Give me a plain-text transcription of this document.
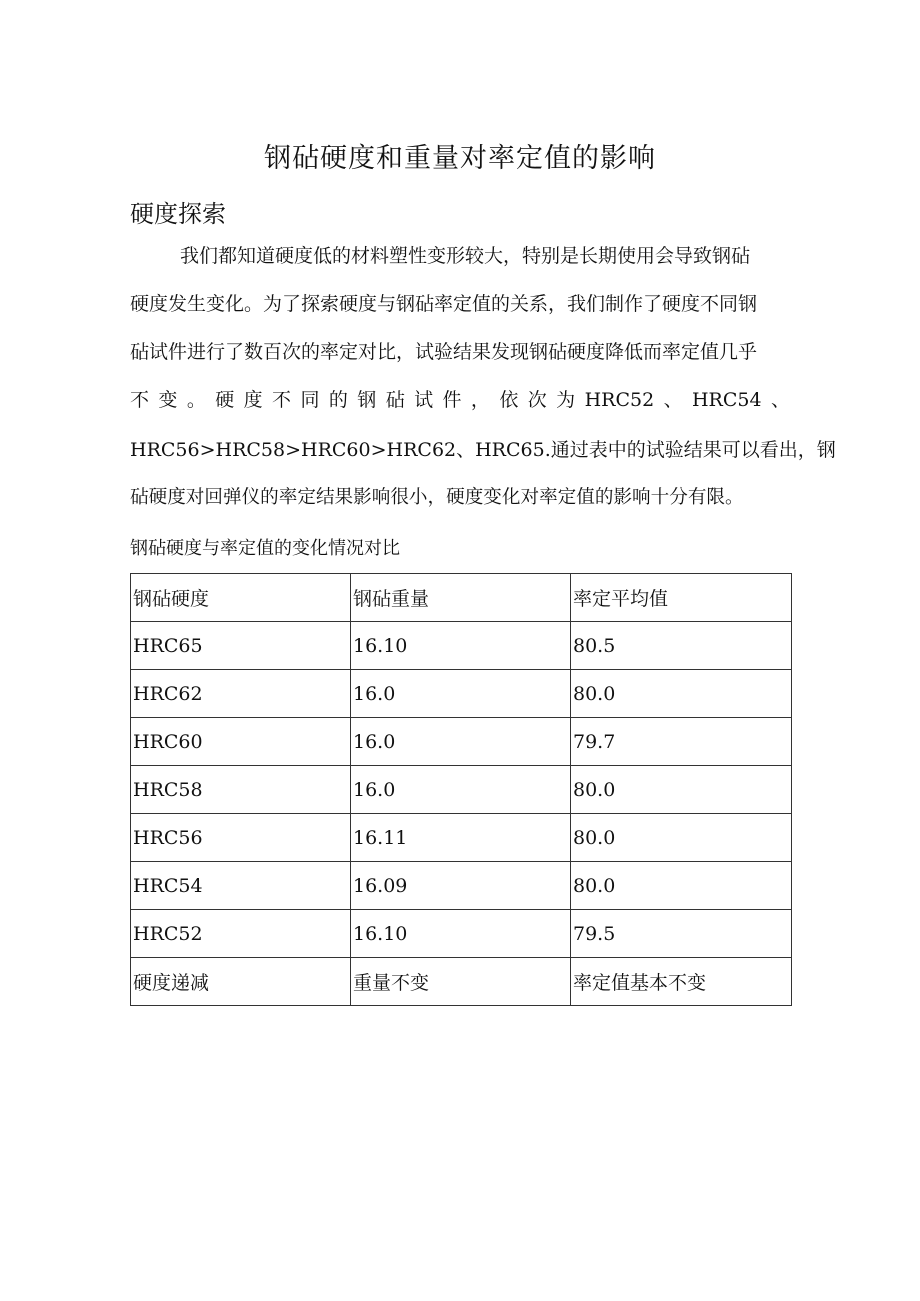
钢砧硬度和重量对率定值的影响
硬度探索

我们都知道硬度低的材料塑性变形较大，特别是长期使用会导致钢砧

硬度发生变化。为了探索硬度与钢砧率定值的关系，我们制作了硬度不同钢

砧试件进行了数百次的率定对比，试验结果发现钢砧硬度降低而率定值几乎

不变。硬度不同的钢砧试件，依次为HRC52、HRC54、

HRC56>HRC58>HRC60>HRC62、HRC65.通过表中的试验结果可以看出，钢

砧硬度对回弹仪的率定结果影响很小，硬度变化对率定值的影响十分有限。

钢砧硬度与率定值的变化情况对比

钢砧硬度	钢砧重量	率定平均值
HRC65	16.10	80.5
HRC62	16.0	80.0
HRC60	16.0	79.7
HRC58	16.0	80.0
HRC56	16.11	80.0
HRC54	16.09	80.0
HRC52	16.10	79.5
硬度递减	重量不变	率定值基本不变
